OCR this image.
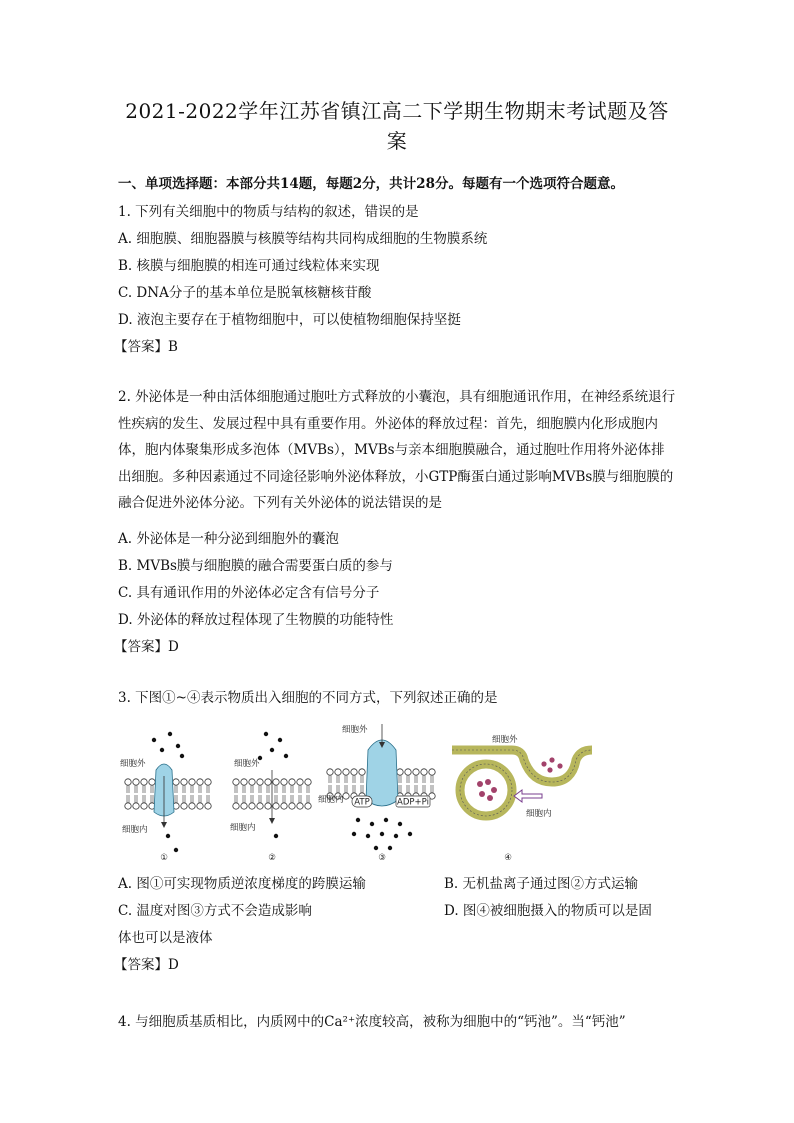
2021-2022学年江苏省镇江高二下学期生物期末考试题及答
案
一、单项选择题：本部分共14题，每题2分，共计28分。每题有一个选项符合题意。
1. 下列有关细胞中的物质与结构的叙述，错误的是
A. 细胞膜、细胞器膜与核膜等结构共同构成细胞的生物膜系统
B. 核膜与细胞膜的相连可通过线粒体来实现
C. DNA分子的基本单位是脱氧核糖核苷酸
D. 液泡主要存在于植物细胞中，可以使植物细胞保持坚挺
【答案】B
2. 外泌体是一种由活体细胞通过胞吐方式释放的小囊泡，具有细胞通讯作用，在神经系统退行性疾病的发生、发展过程中具有重要作用。外泌体的释放过程：首先，细胞膜内化形成胞内体，胞内体聚集形成多泡体（MVBs），MVBs与亲本细胞膜融合，通过胞吐作用将外泌体排出细胞。多种因素通过不同途径影响外泌体释放，小GTP酶蛋白通过影响MVBs膜与细胞膜的融合促进外泌体分泌。下列有关外泌体的说法错误的是
A. 外泌体是一种分泌到细胞外的囊泡
B. MVBs膜与细胞膜的融合需要蛋白质的参与
C. 具有通讯作用的外泌体必定含有信号分子
D. 外泌体的释放过程体现了生物膜的功能特性
【答案】D
3. 下图①~④表示物质出入细胞的不同方式，下列叙述正确的是
细胞外
细胞内
①
细胞外
细胞内
②
ATP	ADP+Pi
细胞外
细胞内
③
细胞外
细胞内
④
A. 图①可实现物质逆浓度梯度的跨膜运输	B. 无机盐离子通过图②方式运输
C. 温度对图③方式不会造成影响	D. 图④被细胞摄入的物质可以是固
体也可以是液体
【答案】D
4. 与细胞质基质相比，内质网中的Ca²⁺浓度较高，被称为细胞中的“钙池”。当“钙池”
